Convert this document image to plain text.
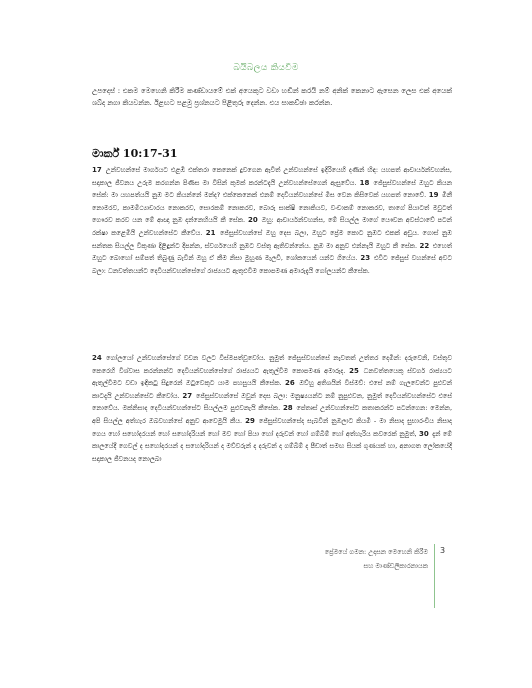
බයිබලය කියවීම
උපදෙස් : එකම මෙහෙනි කිරීම කණ්ඩායමේ එක් අයෙකුට වඩා හඬින් කරයි නම් අනික් කෙනාට ඇසෙන ලෙස එක් අයෙක් ශබ්ද නගා කියවන්න. ඊළඟට පළමු ප්‍රශ්නයට පිළිතුරු දෙන්න. එය සාකච්ඡා කරන්න.
මාර්ක් 10:17-31
17 උන්වහන්සේ මාර්ගයට එළඹි එක්තරා කෙනෙක් දුවගෙන ඇවිත් උන්වහන්සේ ඉදිරියෙහි දණින් හිඳ: යහපත් ආචාර්යන්වහන්ස, සදාකාල ජීවනය උරුම කරගන්න පිණිස මා විසින් කුමක් කරන්ටදැයි උන්වහන්සේගෙන් ඇසුවේය. 18 ජේසුස්වහන්සේ ඔහුට කියන සේක්: මා යහපත්යයි නුඹ මට කියන්නේ මන්ද? එක්කෙනෙක් එනම් දෙවියන්වහන්සේ මිස වෙන කිසිවෙක් යහපත් නොවේ. 19 මිනී නොමරව, කාමමිථ්‍යාචාරය නොකරව, සොරකම් නොකරව, බොරු සාක්ෂි නොකියව, වංචාකම් නොකරව, තාගේ පියාටත් මවුටත් ගෞරව කරව යන මේ ආඥා නුඹ දන්නෙහියයි කී සේක. 20 ඔහු: ආචාර්යන්වහන්ස, මේ සියල්ල මාගේ යෞවන අවස්ථාවේ පටන් රක්ෂා කළෙමියි උන්වහන්සේට කීවේය. 21 ජේසුස්වහන්සේ ඔහු දෙස බලා, ඔහුට ප්‍රේම කොට නුඹට එකක් අඩුය. ගොස් නුඹ සන්තක සියල්ල විකුණා දිළිඳුන්ට දීපන්න, ස්වර්ගයෙහි නුඹට වස්තු ඇතිවන්නේය. නුඹ මා අනුව එන්නැයි ඔහුට කී සේක. 22 එහෙත් ඔහුට බොහෝ සම්පත් තිබුණු බැවින් ඔහු ඒ කීම නිසා මුහුණ මැලවී, ශෝකයෙන් යන්ට ගියේය. 23 එවිට ජේසුස් වහන්සේ අවට බලා: ධනවත්තයන්ට දෙවියන්වහන්සේගේ රාජ්‍යයට ඇතුළුවීම කොපමණ අමාරුදැයි ගෝලයන්ට කීසේක.
24 ගෝලයෝ උන්වහන්සේගේ වචන වලට විස්මපත්වූවෝය. නුමුත් ජේසුස්වහන්සේ නැවතත් උත්තර දෙමින්: දරුවෙනි, වස්තුව කෙරෙහි විශ්වාස කරන්නන්ට දෙවියන්වහන්සේගේ රාජ්‍යයට ඇතුල්වීම කොපමණ අමාරුද. 25 ධනවත්තයෙකු ස්වර්ග රාජ්‍යයට ඇතුල්වීමට වඩා ඉඳිකටු සිදුරෙන් ඔටුවෙකුට යාම පහසුයයි කීසේක. 26 ඔව්හු අතිශයින් විස්මව්: එසේ නම් ගැලවෙන්ට පුළුවන් කාටදැයි උන්වහන්සේට කීවෝය. 27 ජේසුස්වහන්සේ ඔවුන් දෙස බලා: මනුෂ්‍යයන්ට නම් නුපුළුවන, නුමුත් දෙවියන්වහන්සේට එසේ නොවේය. මක්නිසාද දෙවියන්වහන්සේට සියල්ලම පුළුවනැයි කීසේක. 28 පේතෘස් උන්වහන්සේට කතාකරන්ට පටන්ගෙන: මෙන්න, අපි සියල්ල අත්හැර ඔබවහන්සේ අනුව ආවෙමුයි කීය. 29 ජේසුස්වහන්සේද සැබවින් නුඹලාට කියමි - මා නිසාද සුභාරංචිය නිසාද ගෙය හෝ සහෝදරයන් හෝ සහෝදරියන් හෝ මව හෝ පියා හෝ දරුවන් හෝ ගම්බිම් හෝ අත්හැරිය කවරෙක් නුමුත්, 30 දැන් මේ කාලයේදී ගෙවල් ද සහෝදරයන් ද සහෝදරියන් ද මව්වරුන් ද දරුවන් ද ගම්බිම් ද පීඩාත් සමඟ සියක් ගුණයක් හා, අනාගත ලෝකයේදී සදාකාල ජීවනයද නොලබා
ප්‍රේමයේ ගමන: උදාසන මෙහෙනි කිරීම
සහ මාණ්ඩලිකාරනායක
3
